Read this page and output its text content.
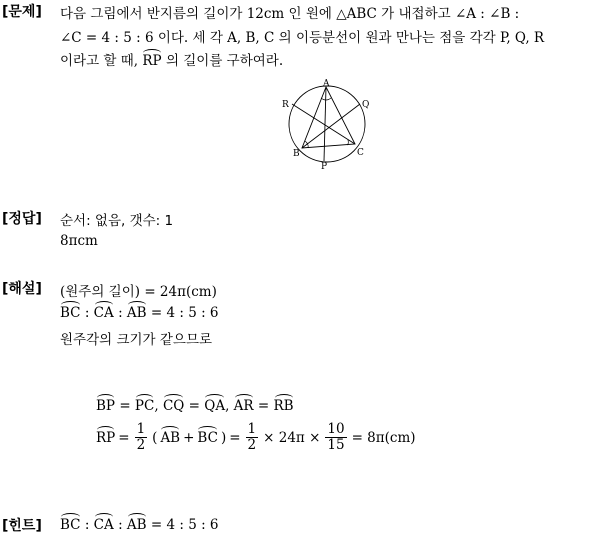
[문제] 다음 그림에서 반지름의 길이가 12cm 인 원에 △ABC 가 내접하고 ∠A : ∠B :
∠C = 4 : 5 : 6 이다. 세 각 A, B, C 의 이등분선이 원과 만나는 점을 각각 P, Q, R
이라고 할 때, RP 의 길이를 구하여라.
A
B	C
P
Q
R
[정답] 순서: 없음, 갯수: 1
8πcm
[해설] (원주의 길이) = 24π(cm)
BC : CA : AB = 4 : 5 : 6
원주각의 크기가 같으므로
BP = PC, CQ = QA, AR = RB
RP = $\frac{1}{2}$ ( AB + BC ) = $\frac{1}{2} \times 24\pi \times \frac{10}{15} = 8\pi(cm)$
[힌트] BC : CA : AB = 4 : 5 : 6
